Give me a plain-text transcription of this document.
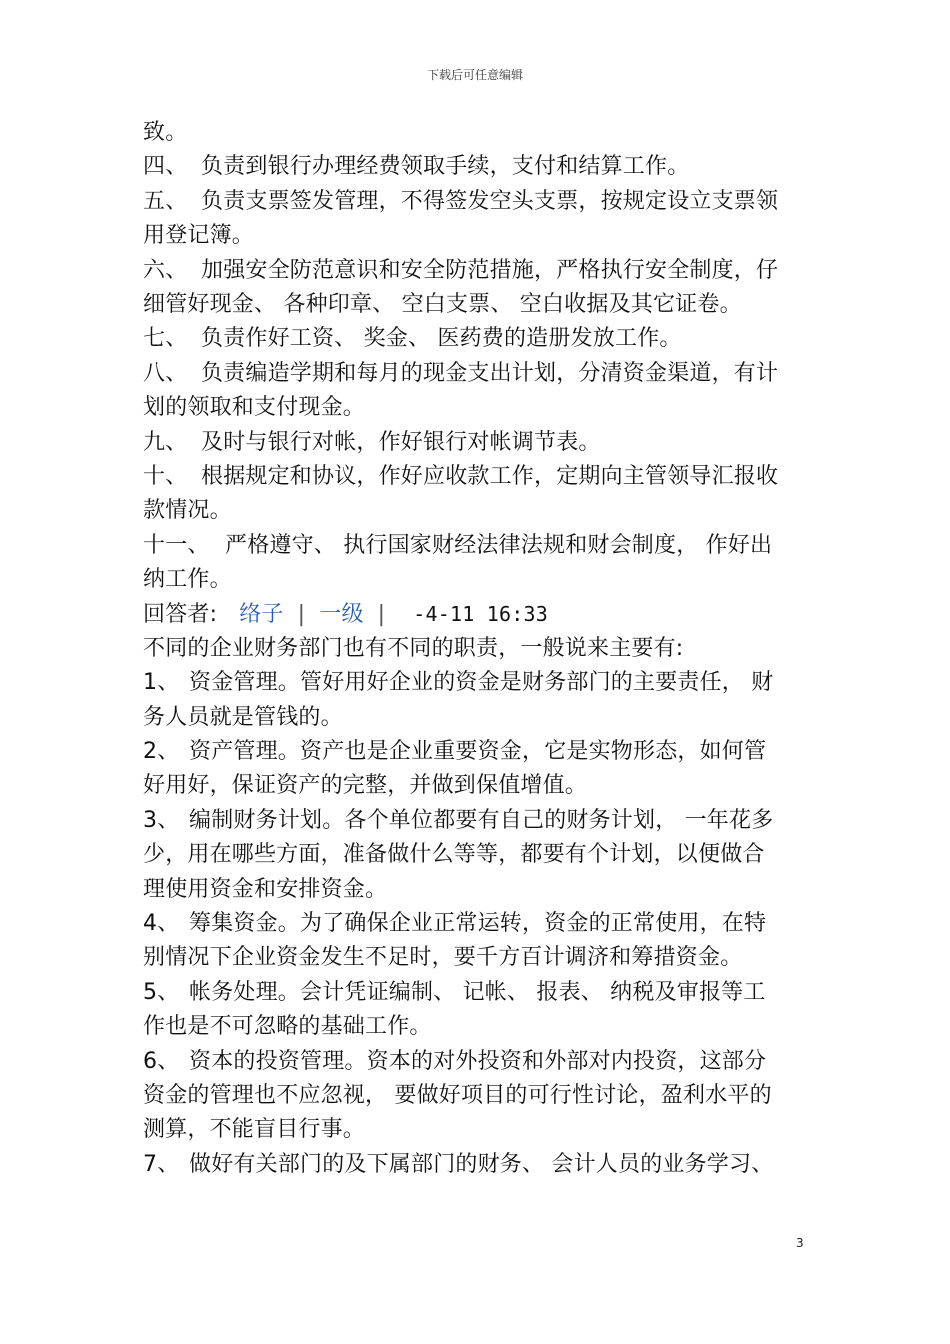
下载后可任意编辑
致。
四、 负责到银行办理经费领取手续，支付和结算工作。
五、 负责支票签发管理，不得签发空头支票，按规定设立支票领
用登记簿。
六、 加强安全防范意识和安全防范措施，严格执行安全制度，仔
细管好现金、 各种印章、 空白支票、 空白收据及其它证卷。
七、 负责作好工资、 奖金、 医药费的造册发放工作。
八、 负责编造学期和每月的现金支出计划，分清资金渠道，有计
划的领取和支付现金。
九、 及时与银行对帐，作好银行对帐调节表。
十、 根据规定和协议，作好应收款工作，定期向主管领导汇报收
款情况。
十一、 严格遵守、 执行国家财经法律法规和财会制度， 作好出
纳工作。
回答者: 络子 | 一级 | -4-11 16:33
不同的企业财务部门也有不同的职责，一般说来主要有:
1、 资金管理。管好用好企业的资金是财务部门的主要责任， 财
务人员就是管钱的。
2、 资产管理。资产也是企业重要资金，它是实物形态，如何管
好用好，保证资产的完整，并做到保值增值。
3、 编制财务计划。各个单位都要有自己的财务计划， 一年花多
少，用在哪些方面，准备做什么等等，都要有个计划，以便做合
理使用资金和安排资金。
4、 筹集资金。为了确保企业正常运转，资金的正常使用，在特
别情况下企业资金发生不足时，要千方百计调济和筹措资金。
5、 帐务处理。会计凭证编制、 记帐、 报表、 纳税及审报等工
作也是不可忽略的基础工作。
6、 资本的投资管理。资本的对外投资和外部对内投资，这部分
资金的管理也不应忽视， 要做好项目的可行性讨论，盈利水平的
测算，不能盲目行事。
7、 做好有关部门的及下属部门的财务、 会计人员的业务学习、
3
